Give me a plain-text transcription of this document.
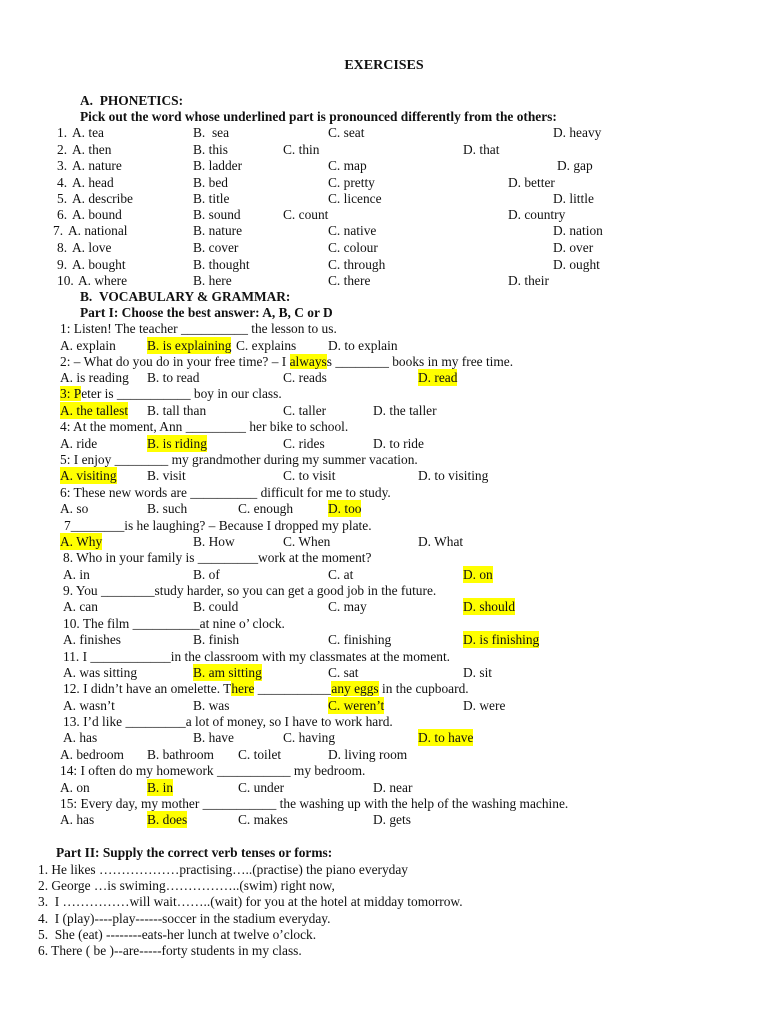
EXERCISES
A.  PHONETICS:
Pick out the word whose underlined part is pronounced differently from the others:
1. A. tea	B.  sea	C. seat	D. heavy
2. A. then	B. this	C. thin	D. that
3. A. nature	B. ladder	C. map	D. gap
4. A. head	B. bed	C. pretty	D. better
5. A. describe	B. title	C. licence	D. little
6. A. bound	B. sound	C. count	D. country
7. A. national	B. nature	C. native	D. nation
8. A. love	B. cover	C. colour	D. over
9. A. bought	B. thought	C. through	D. ought
10. A. where	B. here	C. there	D. their
B.  VOCABULARY & GRAMMAR:
Part I: Choose the best answer: A, B, C or D
1: Listen! The teacher __________ the lesson to us.
A. explain B. is explaining C. explains D. to explain
2: – What do you do in your free time? – I alwayss ________ books in my free time.
A. is reading B. to read	C. reads	D. read
3: Peter is ___________ boy in our class.
A. the tallest B. tall than	C. taller	D. the taller
4: At the moment, Ann _________ her bike to school.
A. ride	B. is riding	C. rides	D. to ride
5: I enjoy ________ my grandmother during my summer vacation.
A. visiting B. visit	C. to visit	D. to visiting
6: These new words are __________ difficult for me to study.
A. so	B. such	C. enough	D. too
7________is he laughing? – Because I dropped my plate.
A. Why	B. How	C. When	D. What
8. Who in your family is _________work at the moment?
A. in	B. of	C. at	D. on
9. You ________study harder, so you can get a good job in the future.
A. can	B. could	C. may	D. should
10. The film __________at nine o’ clock.
A. finishes	B. finish	C. finishing	D. is finishing
11. I ____________in the classroom with my classmates at the moment.
A. was sitting	B. am sitting	C. sat	D. sit
12. I didn’t have an omelette. There ___________any eggs in the cupboard.
A. wasn’t	B. was	C. weren’t	D. were
13. I’d like _________a lot of money, so I have to work hard.
A. has	B. have	C. having	D. to have
A. bedroom B. bathroom C. toilet	D. living room
14: I often do my homework ___________ my bedroom.
A. on	B. in	C. under	D. near
15: Every day, my mother ___________ the washing up with the help of the washing machine.
A. has	B. does	C. makes	D. gets
Part II: Supply the correct verb tenses or forms:
1. He likes ………………practising…..(practise) the piano everyday
2. George …is swiming……………..(swim) right now,
3.  I ……………will wait……..(wait) for you at the hotel at midday tomorrow.
4.  I (play)----play------soccer in the stadium everyday.
5.  She (eat) --------eats-her lunch at twelve o’clock.
6. There ( be )--are-----forty students in my class.
